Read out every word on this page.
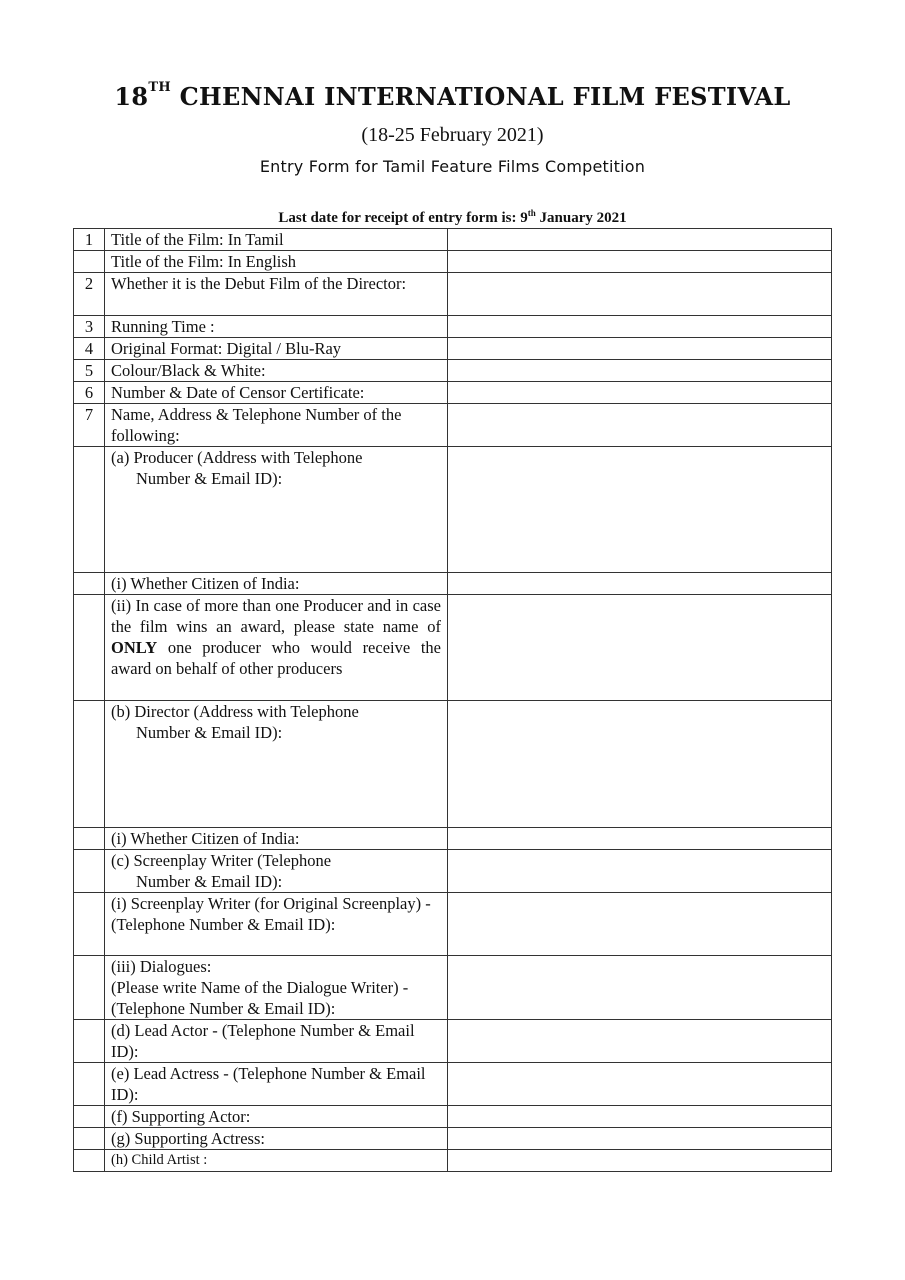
18TH CHENNAI INTERNATIONAL FILM FESTIVAL
(18-25 February 2021)
Entry Form for Tamil Feature Films Competition
Last date for receipt of entry form is: 9th January 2021
1	Title of the Film: In Tamil	
	Title of the Film: In English	
2	Whether it is the Debut Film of the Director:	
3	Running Time :	
4	Original Format: Digital / Blu-Ray	
5	Colour/Black & White:	
6	Number & Date of Censor Certificate:	
7	Name, Address & Telephone Number of the following:	

	(a) Producer (Address with Telephone
Number & Email ID):	

	(i) Whether Citizen of India:	
	(ii) In case of more than one Producer and in case the film wins an award, please state name of ONLY one producer who would receive the award on behalf of other producers	

	(b) Director (Address with Telephone
Number & Email ID):	

	(i) Whether Citizen of India:	

	(c) Screenplay Writer (Telephone
Number & Email ID):	

	(i) Screenplay Writer (for Original Screenplay) - (Telephone Number & Email ID):	

	(iii) Dialogues:
(Please write Name of the Dialogue Writer) - (Telephone Number & Email ID):	

	(d) Lead Actor - (Telephone Number & Email ID):	
	(e) Lead Actress - (Telephone Number & Email ID):	
	(f) Supporting Actor:	
	(g) Supporting Actress:	
	(h) Child Artist :	
